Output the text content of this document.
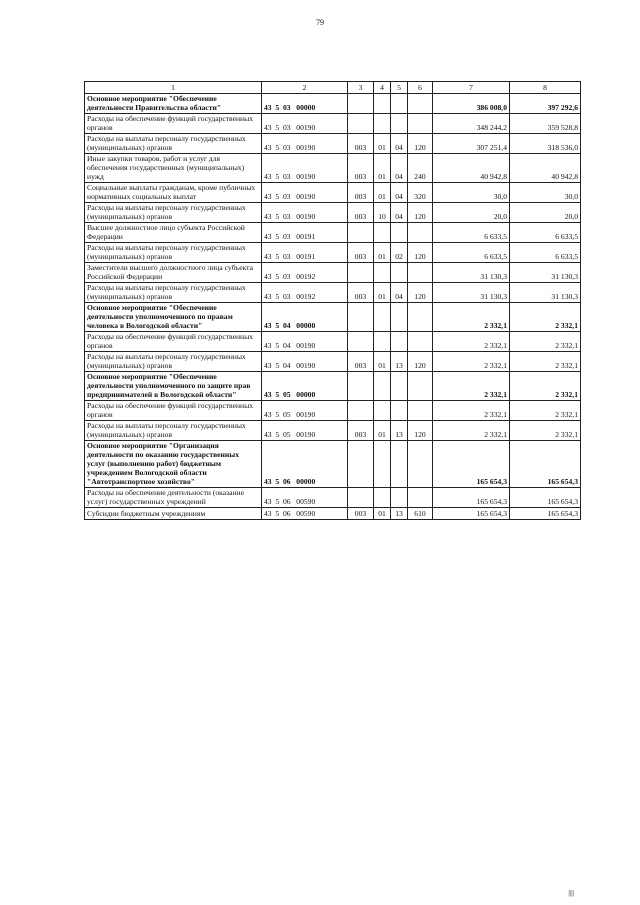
79
1	2	3	4	5	6	7	8
Основное мероприятие "Обеспечение деятельности Правительства области"	43  5  03   00000					386 008,0	397 292,6
Расходы на обеспечение функций государственных органов	43  5  03   00190					348 244,2	359 528,8
Расходы на выплаты персоналу государственных (муниципальных) органов	43  5  03   00190	003	01	04	120	307 251,4	318 536,0
Иные закупки товаров, работ и услуг для обеспечения государственных (муниципальных) нужд	43  5  03   00190	003	01	04	240	40 942,8	40 942,8
Социальные выплаты гражданам, кроме публичных нормативных социальных выплат	43  5  03   00190	003	01	04	320	30,0	30,0
Расходы на выплаты персоналу государственных (муниципальных) органов	43  5  03   00190	003	10	04	120	20,0	20,0
Высшее должностное лицо субъекта Российской Федерации	43  5  03   00191					6 633,5	6 633,5
Расходы на выплаты персоналу государственных (муниципальных) органов	43  5  03   00191	003	01	02	120	6 633,5	6 633,5
Заместители высшего должностного лица субъекта Российской Федерации	43  5  03   00192					31 130,3	31 130,3
Расходы на выплаты персоналу государственных (муниципальных) органов	43  5  03   00192	003	01	04	120	31 130,3	31 130,3
Основное мероприятие "Обеспечение деятельности уполномоченного по правам человека в Вологодской области"	43  5  04   00000					2 332,1	2 332,1
Расходы на обеспечение функций государственных органов	43  5  04   00190					2 332,1	2 332,1
Расходы на выплаты персоналу государственных (муниципальных) органов	43  5  04   00190	003	01	13	120	2 332,1	2 332,1
Основное мероприятие "Обеспечение деятельности уполномоченного по защите прав предпринимателей в Вологодской области"	43  5  05   00000					2 332,1	2 332,1
Расходы на обеспечение функций государственных органов	43  5  05   00190					2 332,1	2 332,1
Расходы на выплаты персоналу государственных (муниципальных) органов	43  5  05   00190	003	01	13	120	2 332,1	2 332,1
Основное мероприятие "Организация деятельности по оказанию государственных услуг (выполнению работ) бюджетным учреждением Вологодской области "Автотранспортное хозяйство"	43  5  06   00000					165 654,3	165 654,3
Расходы на обеспечение деятельности (оказание услуг) государственных учреждений	43  5  06   00590					165 654,3	165 654,3
Субсидии бюджетным учреждениям	43  5  06   00590	003	01	13	610	165 654,3	165 654,3
||||
